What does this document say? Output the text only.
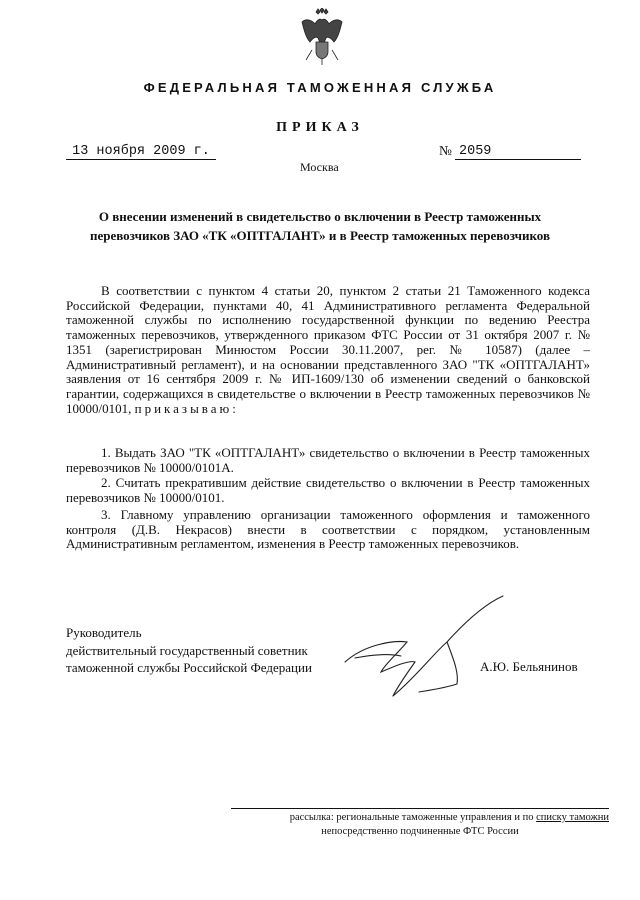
ФЕДЕРАЛЬНАЯ ТАМОЖЕННАЯ СЛУЖБА
ПРИКАЗ
13 ноября 2009 г.	№ 2059
Москва
О внесении изменений в свидетельство о включении в Реестр таможенных
перевозчиков ЗАО «ТК «ОПТГАЛАНТ» и в Реестр таможенных перевозчиков
В соответствии с пунктом 4 статьи 20, пунктом 2 статьи 21 Таможенного кодекса Российской Федерации, пунктами 40, 41 Административного регламента Федеральной таможенной службы по исполнению государственной функции по ведению Реестра таможенных перевозчиков, утвержденного приказом ФТС России от 31 октября 2007 г. № 1351 (зарегистрирован Минюстом России 30.11.2007, рег. № 10587) (далее – Административный регламент), и на основании представленного ЗАО "ТК «ОПТГАЛАНТ» заявления от 16 сентября 2009 г. № ИП-1609/130 об изменении сведений о банковской гарантии, содержащихся в свидетельстве о включении в Реестр таможенных перевозчиков № 10000/0101, приказываю:
1. Выдать ЗАО "ТК «ОПТГАЛАНТ» свидетельство о включении в Реестр таможенных перевозчиков № 10000/0101А.
2. Считать прекратившим действие свидетельство о включении в Реестр таможенных перевозчиков № 10000/0101.
3. Главному управлению организации таможенного оформления и таможенного контроля (Д.В. Некрасов) внести в соответствии с порядком, установленным Административным регламентом, изменения в Реестр таможенных перевозчиков.
Руководитель
действительный государственный советник
таможенной службы Российской Федерации	А.Ю. Бельянинов
рассылка: региональные таможенные управления и по списку таможни
непосредственно подчиненные ФТС России
